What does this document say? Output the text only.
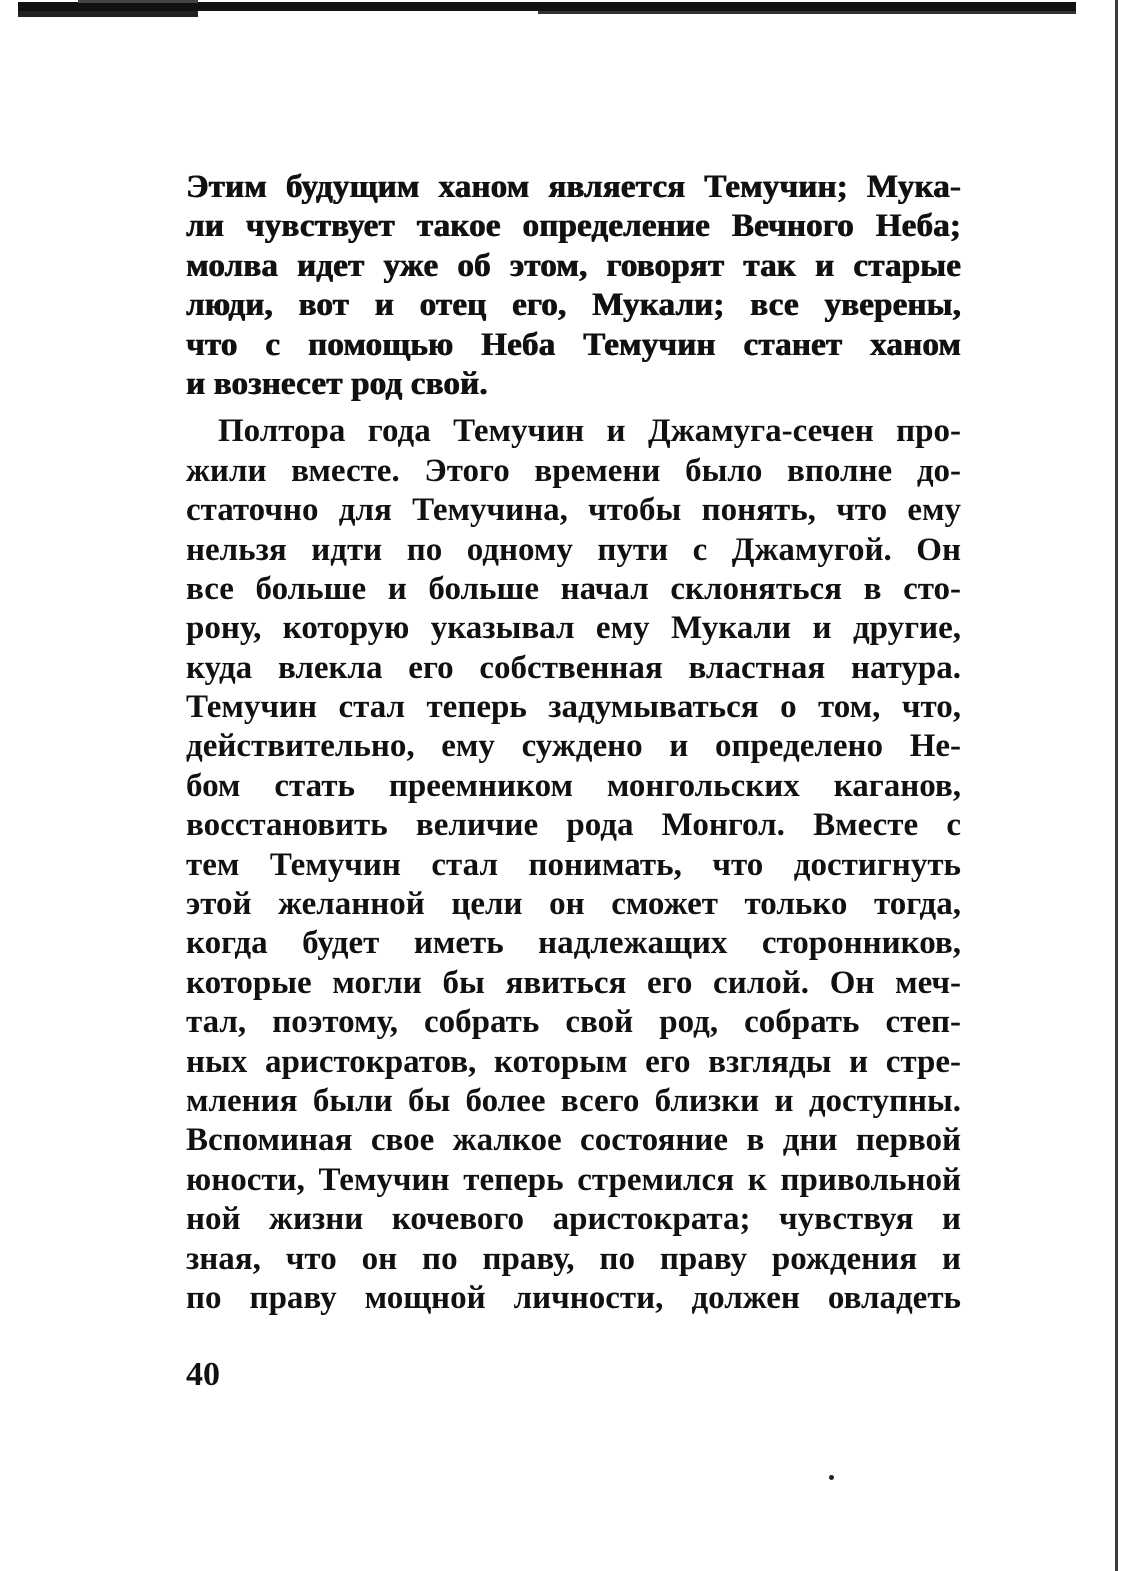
Этим будущим ханом является Темучин; Мука-
ли чувствует такое определение Вечного Неба;
молва идет уже об этом, говорят так и старые
люди, вот и отец его, Мукали; все уверены,
что с помощью Неба Темучин станет ханом
и вознесет род свой.
Полтора года Темучин и Джамуга-сечен про-
жили вместе. Этого времени было вполне до-
статочно для Темучина, чтобы понять, что ему
нельзя идти по одному пути с Джамугой. Он
все больше и больше начал склоняться в сто-
рону, которую указывал ему Мукали и другие,
куда влекла его собственная властная натура.
Темучин стал теперь задумываться о том, что,
действительно, ему суждено и определено Не-
бом стать преемником монгольских каганов,
восстановить величие рода Монгол. Вместе с
тем Темучин стал понимать, что достигнуть
этой желанной цели он сможет только тогда,
когда будет иметь надлежащих сторонников,
которые могли бы явиться его силой. Он меч-
тал, поэтому, собрать свой род, собрать степ-
ных аристократов, которым его взгляды и стре-
мления были бы более всего близки и доступны.
Вспоминая свое жалкое состояние в дни первой
юности, Темучин теперь стремился к привольной
ной жизни кочевого аристократа; чувствуя и
зная, что он по праву, по праву рождения и
по праву мощной личности, должен овладеть
40
